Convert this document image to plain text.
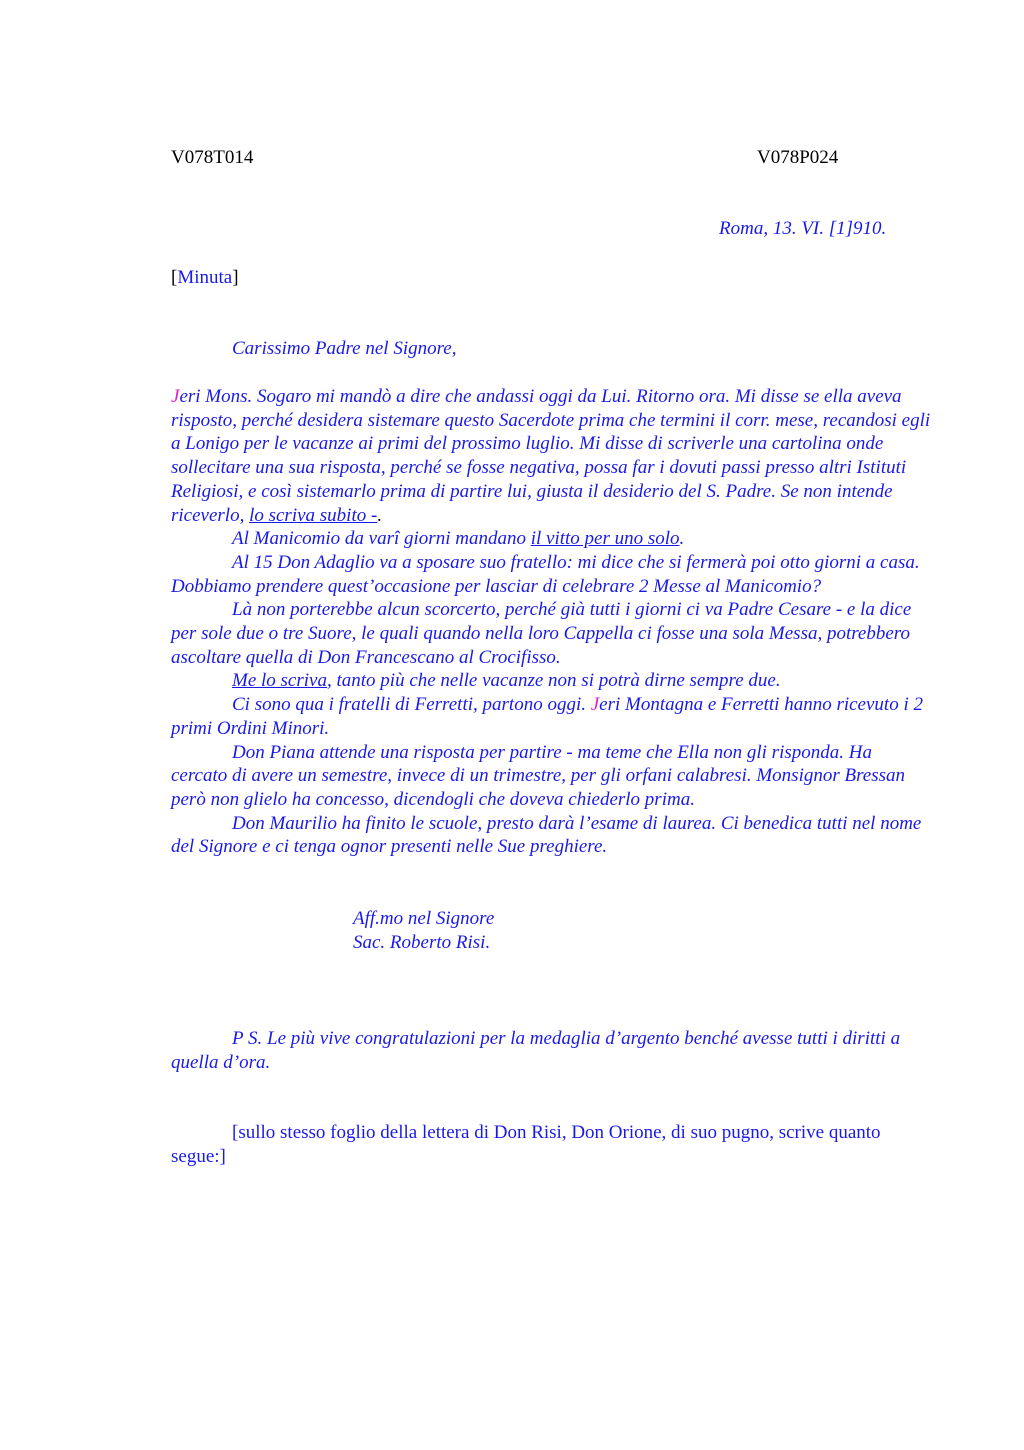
V078T014	V078P024
Roma, 13. VI. [1]910.
[Minuta]
Carissimo Padre nel Signore,

Jeri Mons. Sogaro mi mandò a dire che andassi oggi da Lui. Ritorno ora. Mi disse se ella aveva risposto, perché desidera sistemare questo Sacerdote prima che termini il corr. mese, recandosi egli a Lonigo per le vacanze ai primi del prossimo luglio. Mi disse di scriverle una cartolina onde sollecitare una sua risposta, perché se fosse negativa, possa far i dovuti passi presso altri Istituti Religiosi, e così sistemarlo prima di partire lui, giusta il desiderio del S. Padre. Se non intende riceverlo, lo scriva subito -.

Al Manicomio da varî giorni mandano il vitto per uno solo.

Al 15 Don Adaglio va a sposare suo fratello: mi dice che si fermerà poi otto giorni a casa. Dobbiamo prendere quest’occasione per lasciar di celebrare 2 Messe al Manicomio?

Là non porterebbe alcun scorcerto, perché già tutti i giorni ci va Padre Cesare - e la dice per sole due o tre Suore, le quali quando nella loro Cappella ci fosse una sola Messa, potrebbero ascoltare quella di Don Francescano al Crocifisso.

Me lo scriva, tanto più che nelle vacanze non si potrà dirne sempre due.

Ci sono qua i fratelli di Ferretti, partono oggi. Jeri Montagna e Ferretti hanno ricevuto i 2 primi Ordini Minori.

Don Piana attende una risposta per partire - ma teme che Ella non gli risponda. Ha cercato di avere un semestre, invece di un trimestre, per gli orfani calabresi. Monsignor Bressan però non glielo ha concesso, dicendogli che doveva chiederlo prima.

Don Maurilio ha finito le scuole, presto darà l’esame di laurea. Ci benedica tutti nel nome del Signore e ci tenga ognor presenti nelle Sue preghiere.

Aff.mo nel Signore
Sac. Roberto Risi.

P S. Le più vive congratulazioni per la medaglia d’argento benché avesse tutti i diritti a quella d’ora.

[sullo stesso foglio della lettera di Don Risi, Don Orione, di suo pugno, scrive quanto segue:]
